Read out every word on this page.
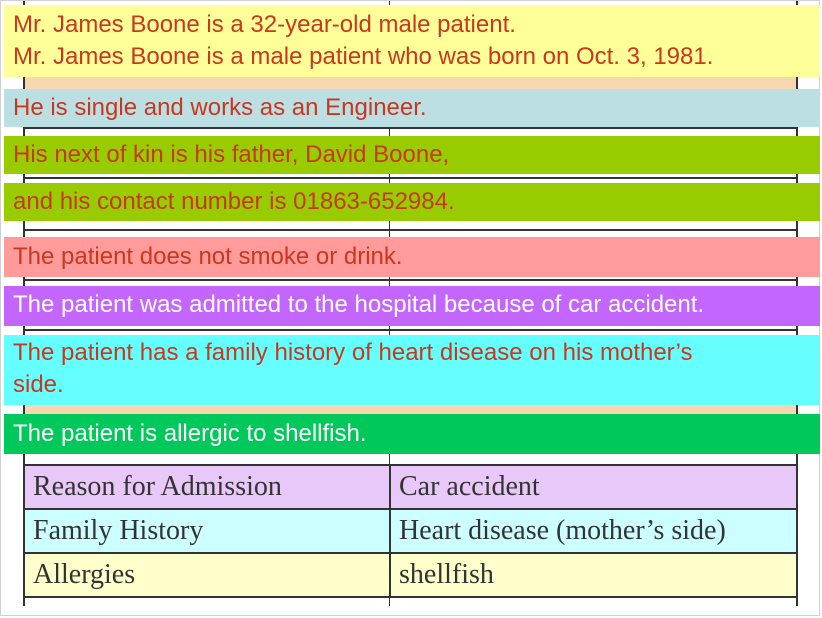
Mr. James Boone is a 32-year-old male patient.
Mr. James Boone is a male patient who was born on Oct. 3, 1981.
He is single and works as an Engineer.
His next of kin is his father, David Boone,
and his contact number is 01863-652984.
The patient does not smoke or drink.
The patient was admitted to the hospital because of car accident.
The patient has a family history of heart disease on his mother’s
side.
The patient is allergic to shellfish.
Reason for Admission	Car accident
Family History	Heart disease (mother’s side)
Allergies	shellfish
